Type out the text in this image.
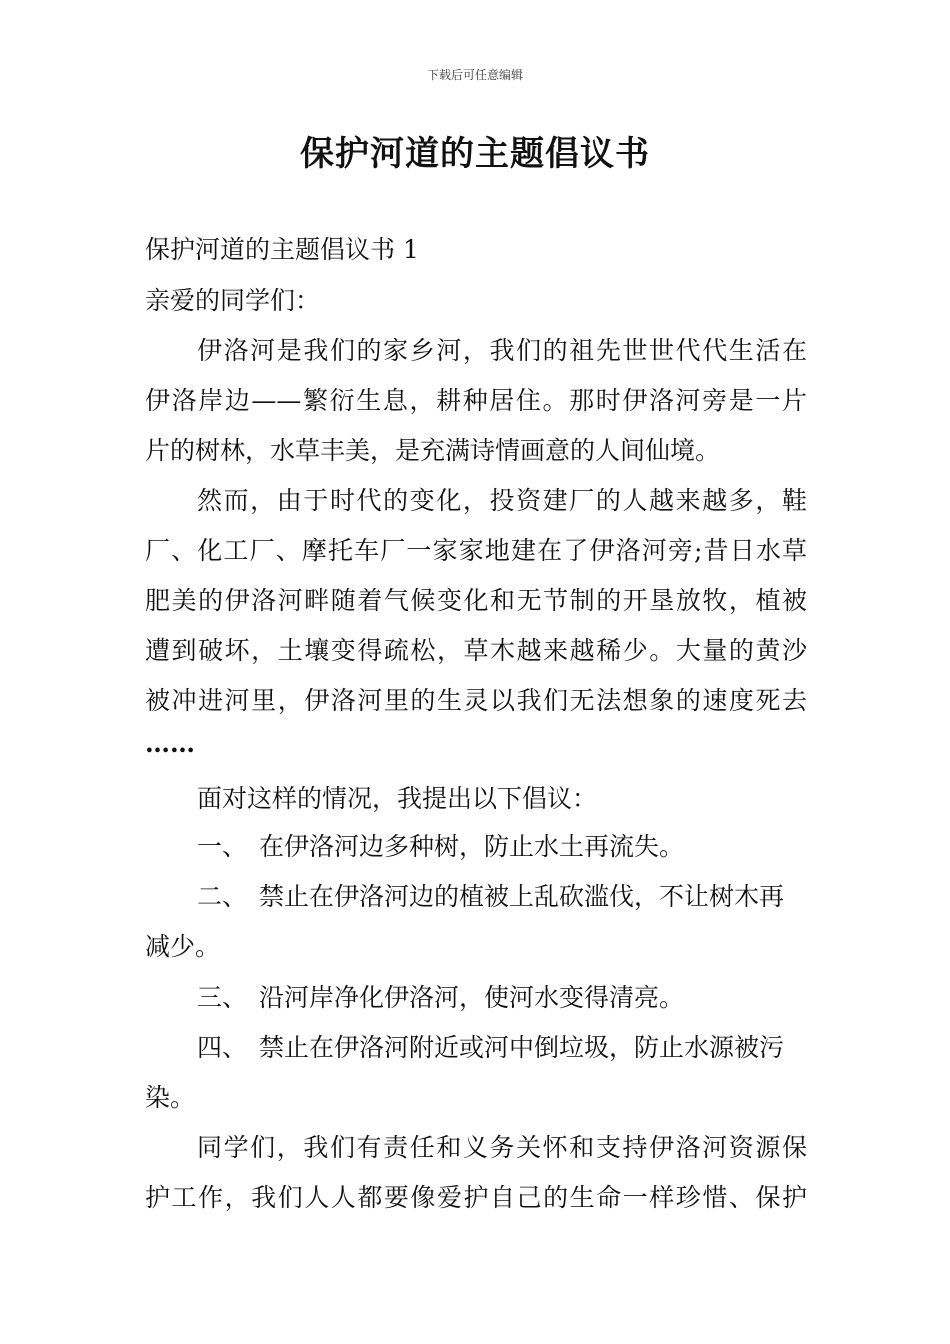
下载后可任意编辑
保护河道的主题倡议书
保护河道的主题倡议书 1
亲爱的同学们：
伊洛河是我们的家乡河，我们的祖先世世代代生活在
伊洛岸边——繁衍生息，耕种居住。那时伊洛河旁是一片
片的树林，水草丰美，是充满诗情画意的人间仙境。
然而，由于时代的变化，投资建厂的人越来越多，鞋
厂、化工厂、摩托车厂一家家地建在了伊洛河旁;昔日水草
肥美的伊洛河畔随着气候变化和无节制的开垦放牧，植被
遭到破坏，土壤变得疏松，草木越来越稀少。大量的黄沙
被冲进河里，伊洛河里的生灵以我们无法想象的速度死去
……
面对这样的情况，我提出以下倡议：
一、 在伊洛河边多种树，防止水土再流失。
二、 禁止在伊洛河边的植被上乱砍滥伐，不让树木再
减少。
三、 沿河岸净化伊洛河，使河水变得清亮。
四、 禁止在伊洛河附近或河中倒垃圾，防止水源被污
染。
同学们，我们有责任和义务关怀和支持伊洛河资源保
护工作，我们人人都要像爱护自己的生命一样珍惜、保护
